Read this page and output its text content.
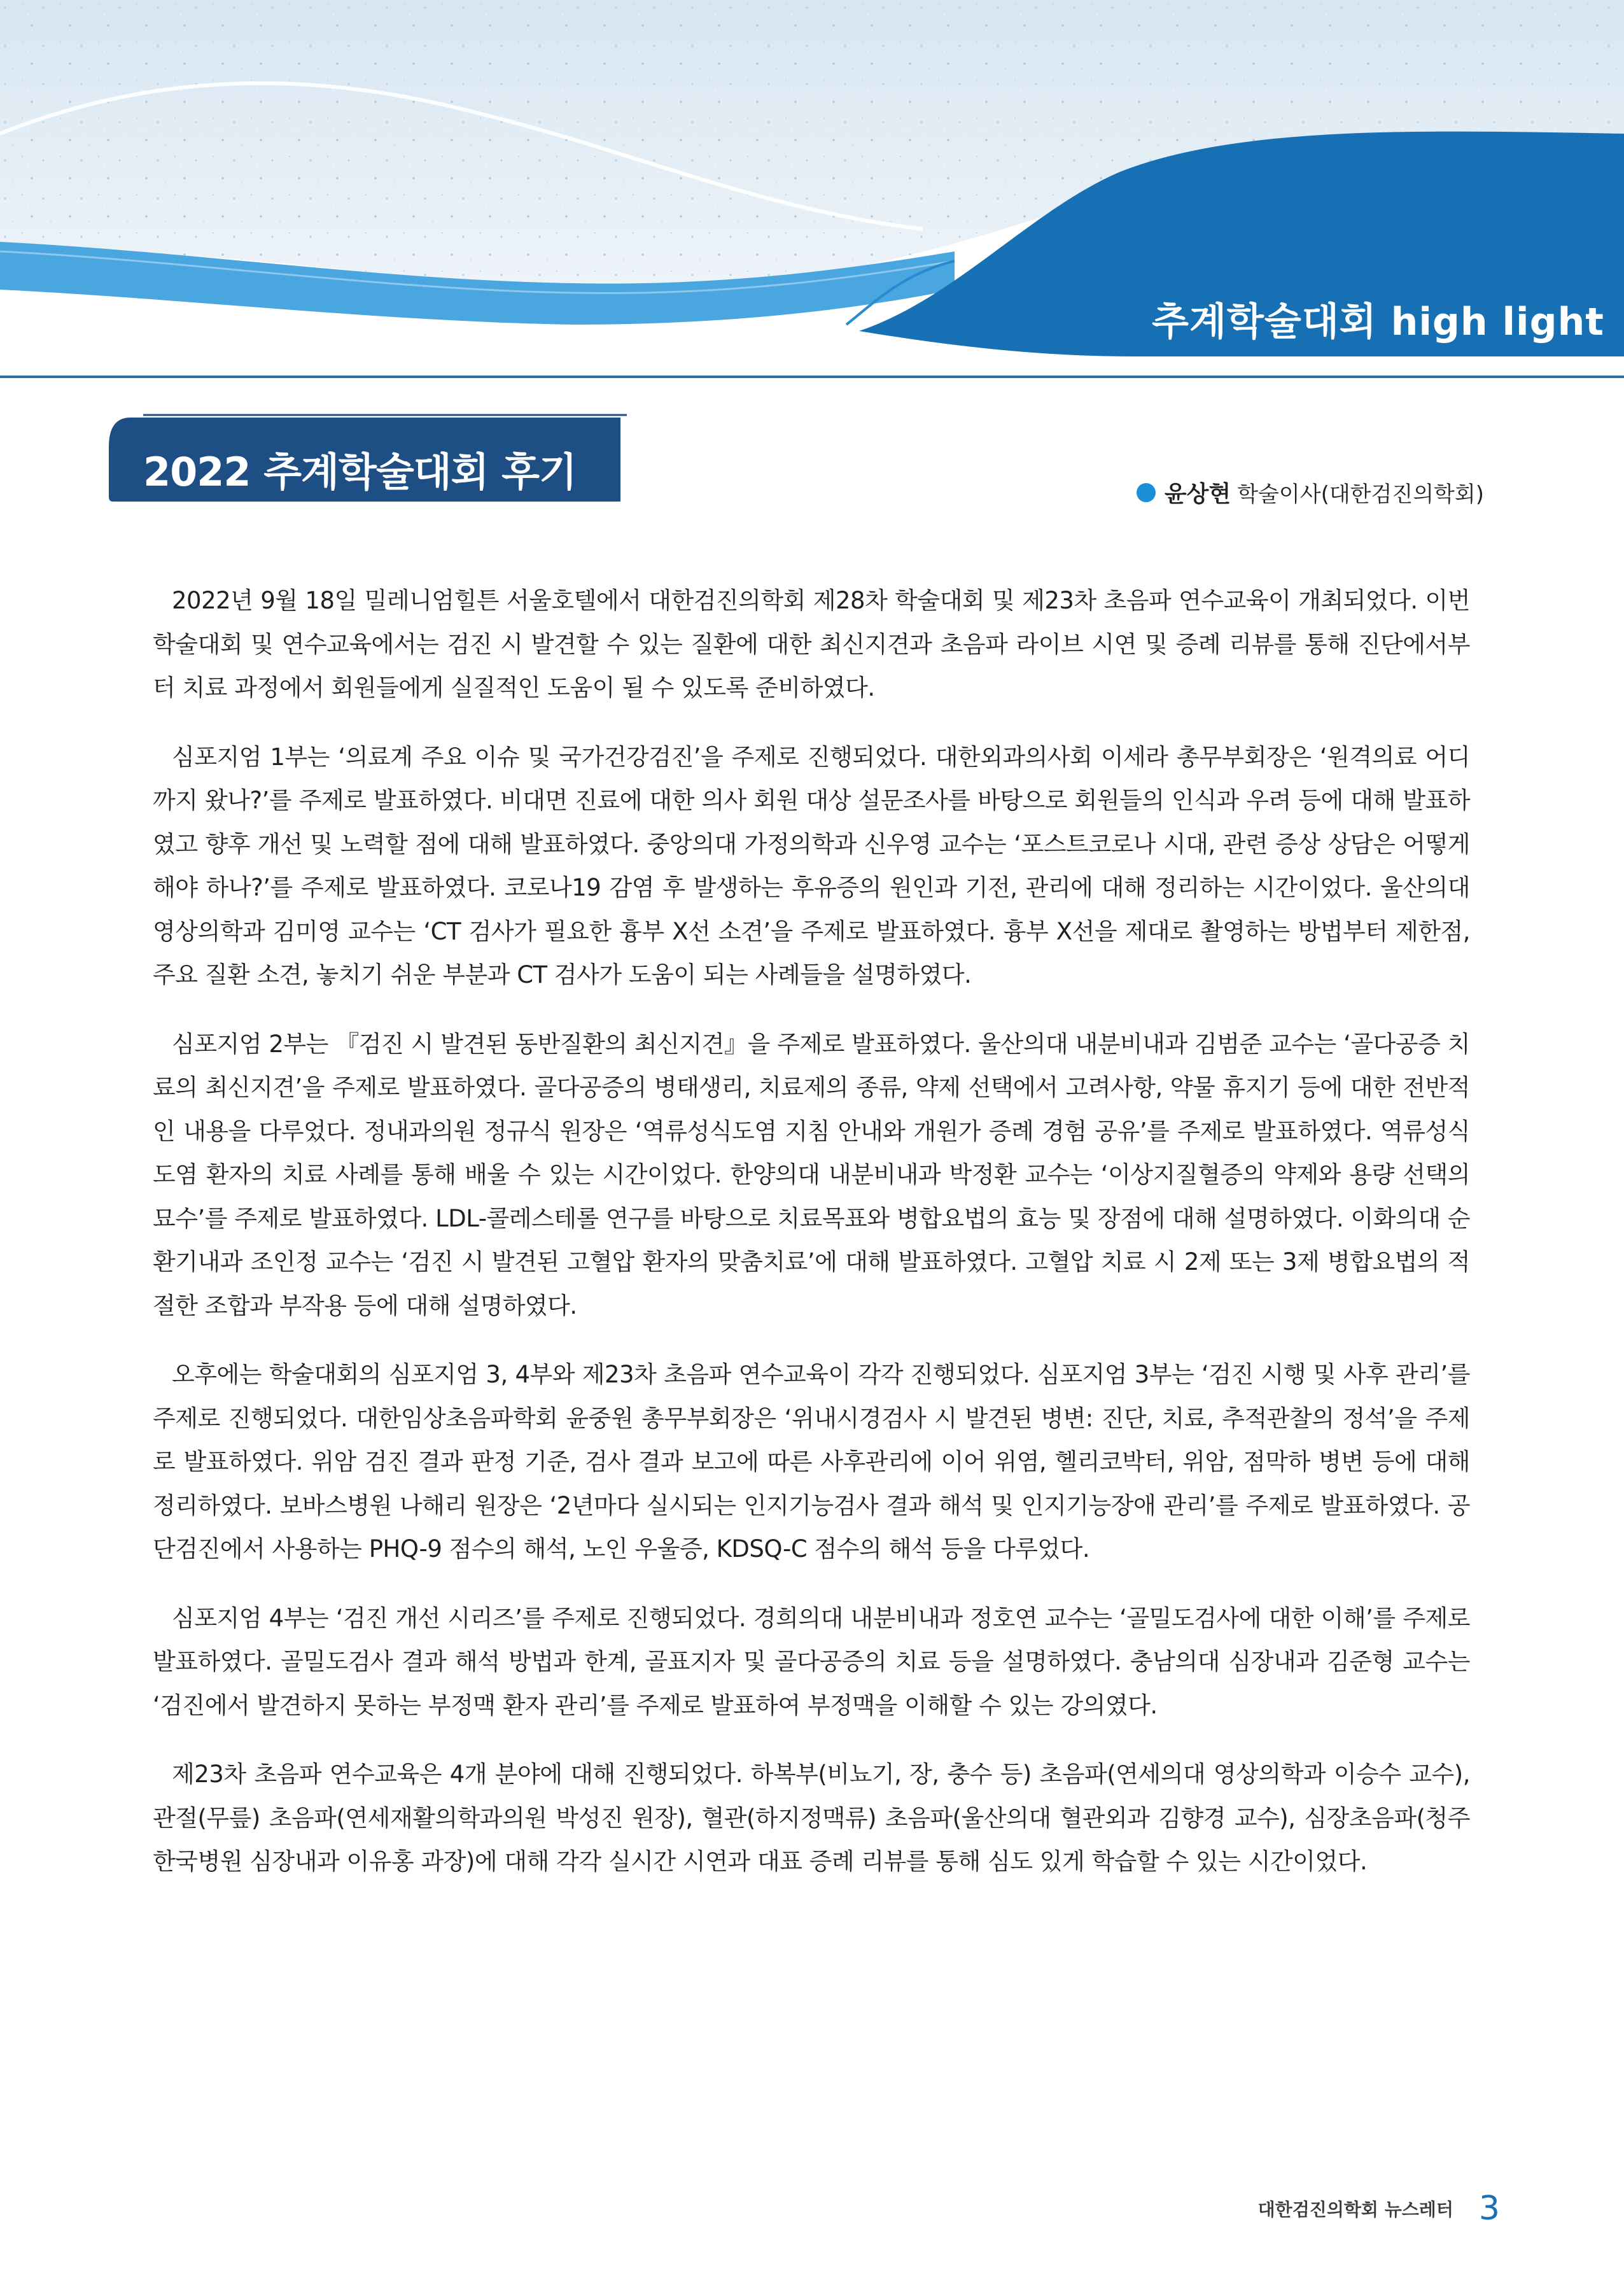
추계학술대회 high light
2022 추계학술대회 후기	윤상현 학술이사(대한검진의학회)

2022년 9월 18일 밀레니엄힐튼 서울호텔에서 대한검진의학회 제28차 학술대회 및 제23차 초음파 연수교육이 개최되었다. 이번 학술대회 및 연수교육에서는 검진 시 발견할 수 있는 질환에 대한 최신지견과 초음파 라이브 시연 및 증례 리뷰를 통해 진단에서부터 치료 과정에서 회원들에게 실질적인 도움이 될 수 있도록 준비하였다.

심포지엄 1부는 ‘의료계 주요 이슈 및 국가건강검진’을 주제로 진행되었다. 대한외과의사회 이세라 총무부회장은 ‘원격의료 어디까지 왔나?’를 주제로 발표하였다. 비대면 진료에 대한 의사 회원 대상 설문조사를 바탕으로 회원들의 인식과 우려 등에 대해 발표하였고 향후 개선 및 노력할 점에 대해 발표하였다. 중앙의대 가정의학과 신우영 교수는 ‘포스트코로나 시대, 관련 증상 상담은 어떻게 해야 하나?’를 주제로 발표하였다. 코로나19 감염 후 발생하는 후유증의 원인과 기전, 관리에 대해 정리하는 시간이었다. 울산의대 영상의학과 김미영 교수는 ‘CT 검사가 필요한 흉부 X선 소견’을 주제로 발표하였다. 흉부 X선을 제대로 촬영하는 방법부터 제한점, 주요 질환 소견, 놓치기 쉬운 부분과 CT 검사가 도움이 되는 사례들을 설명하였다.

심포지엄 2부는 『검진 시 발견된 동반질환의 최신지견』을 주제로 발표하였다. 울산의대 내분비내과 김범준 교수는 ‘골다공증 치료의 최신지견’을 주제로 발표하였다. 골다공증의 병태생리, 치료제의 종류, 약제 선택에서 고려사항, 약물 휴지기 등에 대한 전반적인 내용을 다루었다. 정내과의원 정규식 원장은 ‘역류성식도염 지침 안내와 개원가 증례 경험 공유’를 주제로 발표하였다. 역류성식도염 환자의 치료 사례를 통해 배울 수 있는 시간이었다. 한양의대 내분비내과 박정환 교수는 ‘이상지질혈증의 약제와 용량 선택의 묘수’를 주제로 발표하였다. LDL-콜레스테롤 연구를 바탕으로 치료목표와 병합요법의 효능 및 장점에 대해 설명하였다. 이화의대 순환기내과 조인정 교수는 ‘검진 시 발견된 고혈압 환자의 맞춤치료’에 대해 발표하였다. 고혈압 치료 시 2제 또는 3제 병합요법의 적절한 조합과 부작용 등에 대해 설명하였다.

오후에는 학술대회의 심포지엄 3, 4부와 제23차 초음파 연수교육이 각각 진행되었다. 심포지엄 3부는 ‘검진 시행 및 사후 관리’를 주제로 진행되었다. 대한임상초음파학회 윤중원 총무부회장은 ‘위내시경검사 시 발견된 병변: 진단, 치료, 추적관찰의 정석’을 주제로 발표하였다. 위암 검진 결과 판정 기준, 검사 결과 보고에 따른 사후관리에 이어 위염, 헬리코박터, 위암, 점막하 병변 등에 대해 정리하였다. 보바스병원 나해리 원장은 ‘2년마다 실시되는 인지기능검사 결과 해석 및 인지기능장애 관리’를 주제로 발표하였다. 공단검진에서 사용하는 PHQ-9 점수의 해석, 노인 우울증, KDSQ-C 점수의 해석 등을 다루었다.

심포지엄 4부는 ‘검진 개선 시리즈’를 주제로 진행되었다. 경희의대 내분비내과 정호연 교수는 ‘골밀도검사에 대한 이해’를 주제로 발표하였다. 골밀도검사 결과 해석 방법과 한계, 골표지자 및 골다공증의 치료 등을 설명하였다. 충남의대 심장내과 김준형 교수는 ‘검진에서 발견하지 못하는 부정맥 환자 관리’를 주제로 발표하여 부정맥을 이해할 수 있는 강의였다.

제23차 초음파 연수교육은 4개 분야에 대해 진행되었다. 하복부(비뇨기, 장, 충수 등) 초음파(연세의대 영상의학과 이승수 교수), 관절(무릎) 초음파(연세재활의학과의원 박성진 원장), 혈관(하지정맥류) 초음파(울산의대 혈관외과 김향경 교수), 심장초음파(청주한국병원 심장내과 이유홍 과장)에 대해 각각 실시간 시연과 대표 증례 리뷰를 통해 심도 있게 학습할 수 있는 시간이었다.

대한검진의학회 뉴스레터 3
